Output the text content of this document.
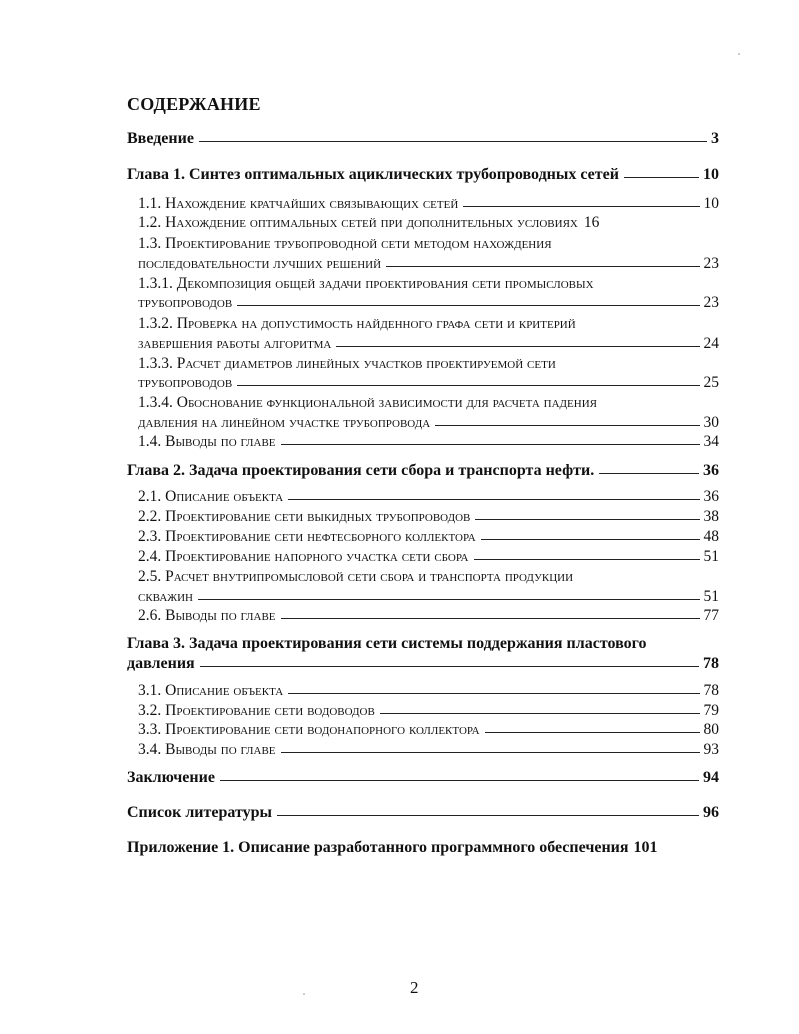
СОДЕРЖАНИЕ
Введение	3
Глава 1. Синтез оптимальных ациклических трубопроводных сетей	10
1.1. Нахождение кратчайших связывающих сетей	10
1.2. Нахождение оптимальных сетей при дополнительных условиях 16
1.3. Проектирование трубопроводной сети методом нахождения
последовательности лучших решений	23
1.3.1. Декомпозиция общей задачи проектирования сети промысловых
трубопроводов	23
1.3.2. Проверка на допустимость найденного графа сети и критерий
завершения работы алгоритма	24
1.3.3. Расчет диаметров линейных участков проектируемой сети
трубопроводов	25
1.3.4. Обоснование функциональной зависимости для расчета падения
давления на линейном участке трубопровода	30
1.4. Выводы по главе	34
Глава 2. Задача проектирования сети сбора и транспорта нефти.	36
2.1. Описание объекта	36
2.2. Проектирование сети выкидных трубопроводов	38
2.3. Проектирование сети нефтесборного коллектора	48
2.4. Проектирование напорного участка сети сбора	51
2.5. Расчет внутрипромысловой сети сбора и транспорта продукции
скважин	51
2.6. Выводы по главе	77
Глава 3. Задача проектирования сети системы поддержания пластового
давления	78
3.1. Описание объекта	78
3.2. Проектирование сети водоводов	79
3.3. Проектирование сети водонапорного коллектора	80
3.4. Выводы по главе	93
Заключение	94
Список литературы	96
Приложение 1. Описание разработанного программного обеспечения 101
2
